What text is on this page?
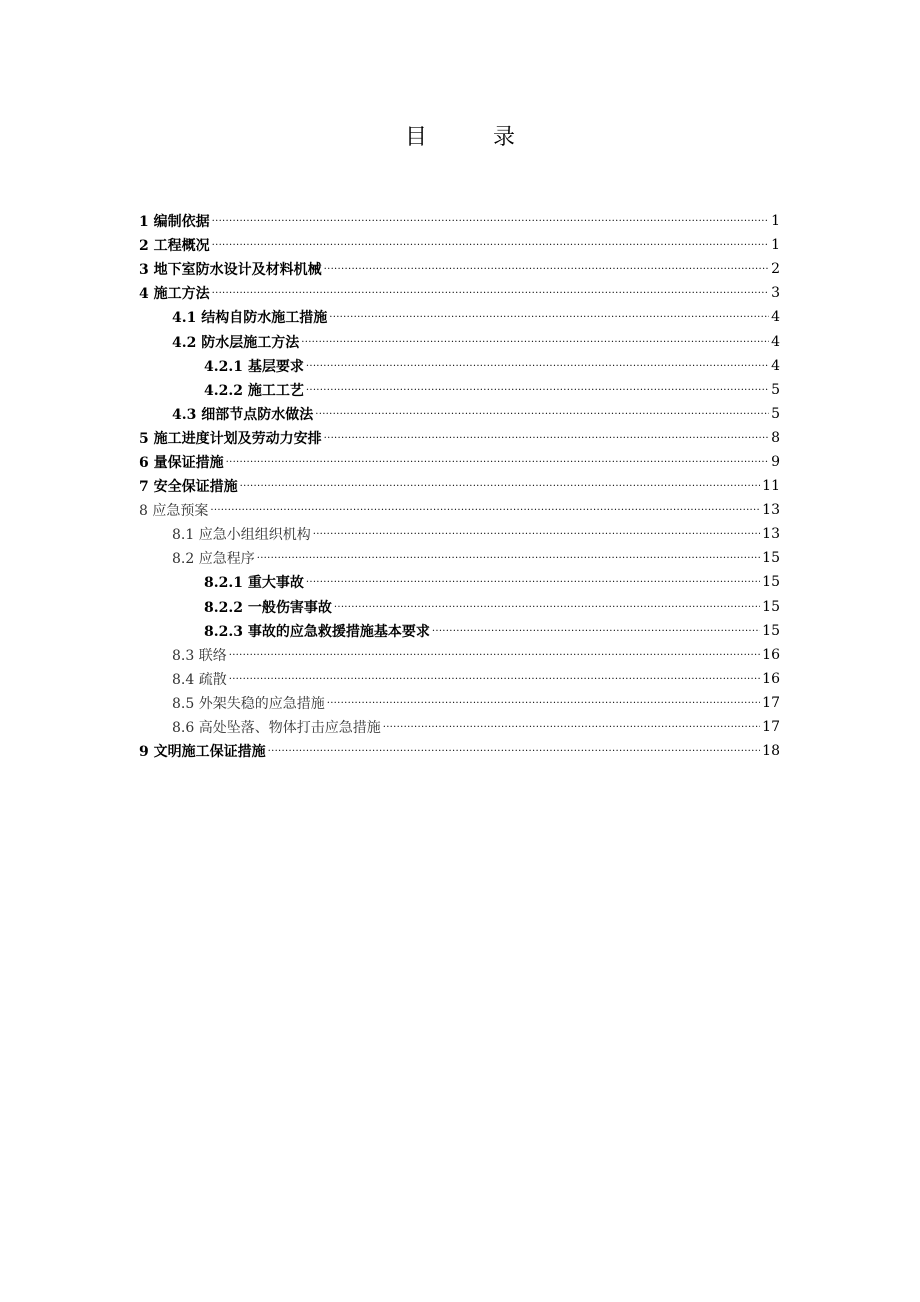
目　录
1 编制依据 .....	1
2 工程概况 .....	1
3 地下室防水设计及材料机械 .....	2
4 施工方法 .....	3
4.1 结构自防水施工措施 .....	4
4.2 防水层施工方法 .....	4
4.2.1 基层要求 .....	4
4.2.2 施工工艺 .....	5
4.3 细部节点防水做法 .....	5
5 施工进度计划及劳动力安排 .....	8
6 量保证措施 .....	9
7 安全保证措施 .....	11
8 应急预案 .....	13
8.1 应急小组组织机构 .....	13
8.2 应急程序 .....	15
8.2.1 重大事故 .....	15
8.2.2 一般伤害事故 .....	15
8.2.3 事故的应急救援措施基本要求 .....	15
8.3 联络 .....	16
8.4 疏散 .....	16
8.5 外架失稳的应急措施 .....	17
8.6 高处坠落、物体打击应急措施 .....	17
9 文明施工保证措施 .....	18
